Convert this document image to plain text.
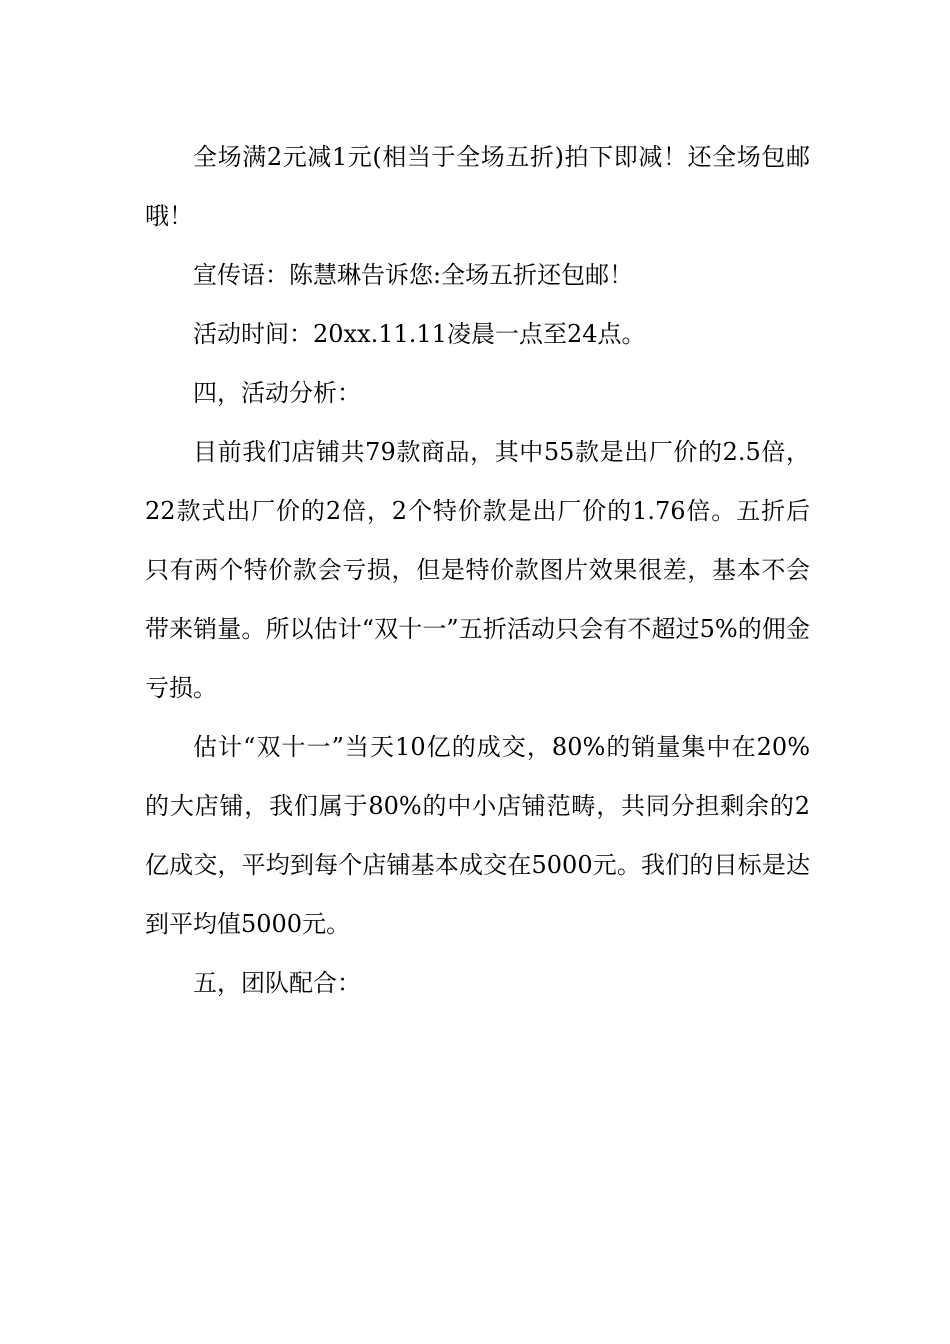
全场满2元减1元(相当于全场五折)拍下即减！还全场包邮哦！

宣传语：陈慧琳告诉您:全场五折还包邮！

活动时间：20xx.11.11凌晨一点至24点。

四，活动分析：

目前我们店铺共79款商品，其中55款是出厂价的2.5倍，22款式出厂价的2倍，2个特价款是出厂价的1.76倍。五折后只有两个特价款会亏损，但是特价款图片效果很差，基本不会带来销量。所以估计“双十一”五折活动只会有不超过5%的佣金亏损。

估计“双十一”当天10亿的成交，80%的销量集中在20%的大店铺，我们属于80%的中小店铺范畴，共同分担剩余的2亿成交，平均到每个店铺基本成交在5000元。我们的目标是达到平均值5000元。

五，团队配合：
